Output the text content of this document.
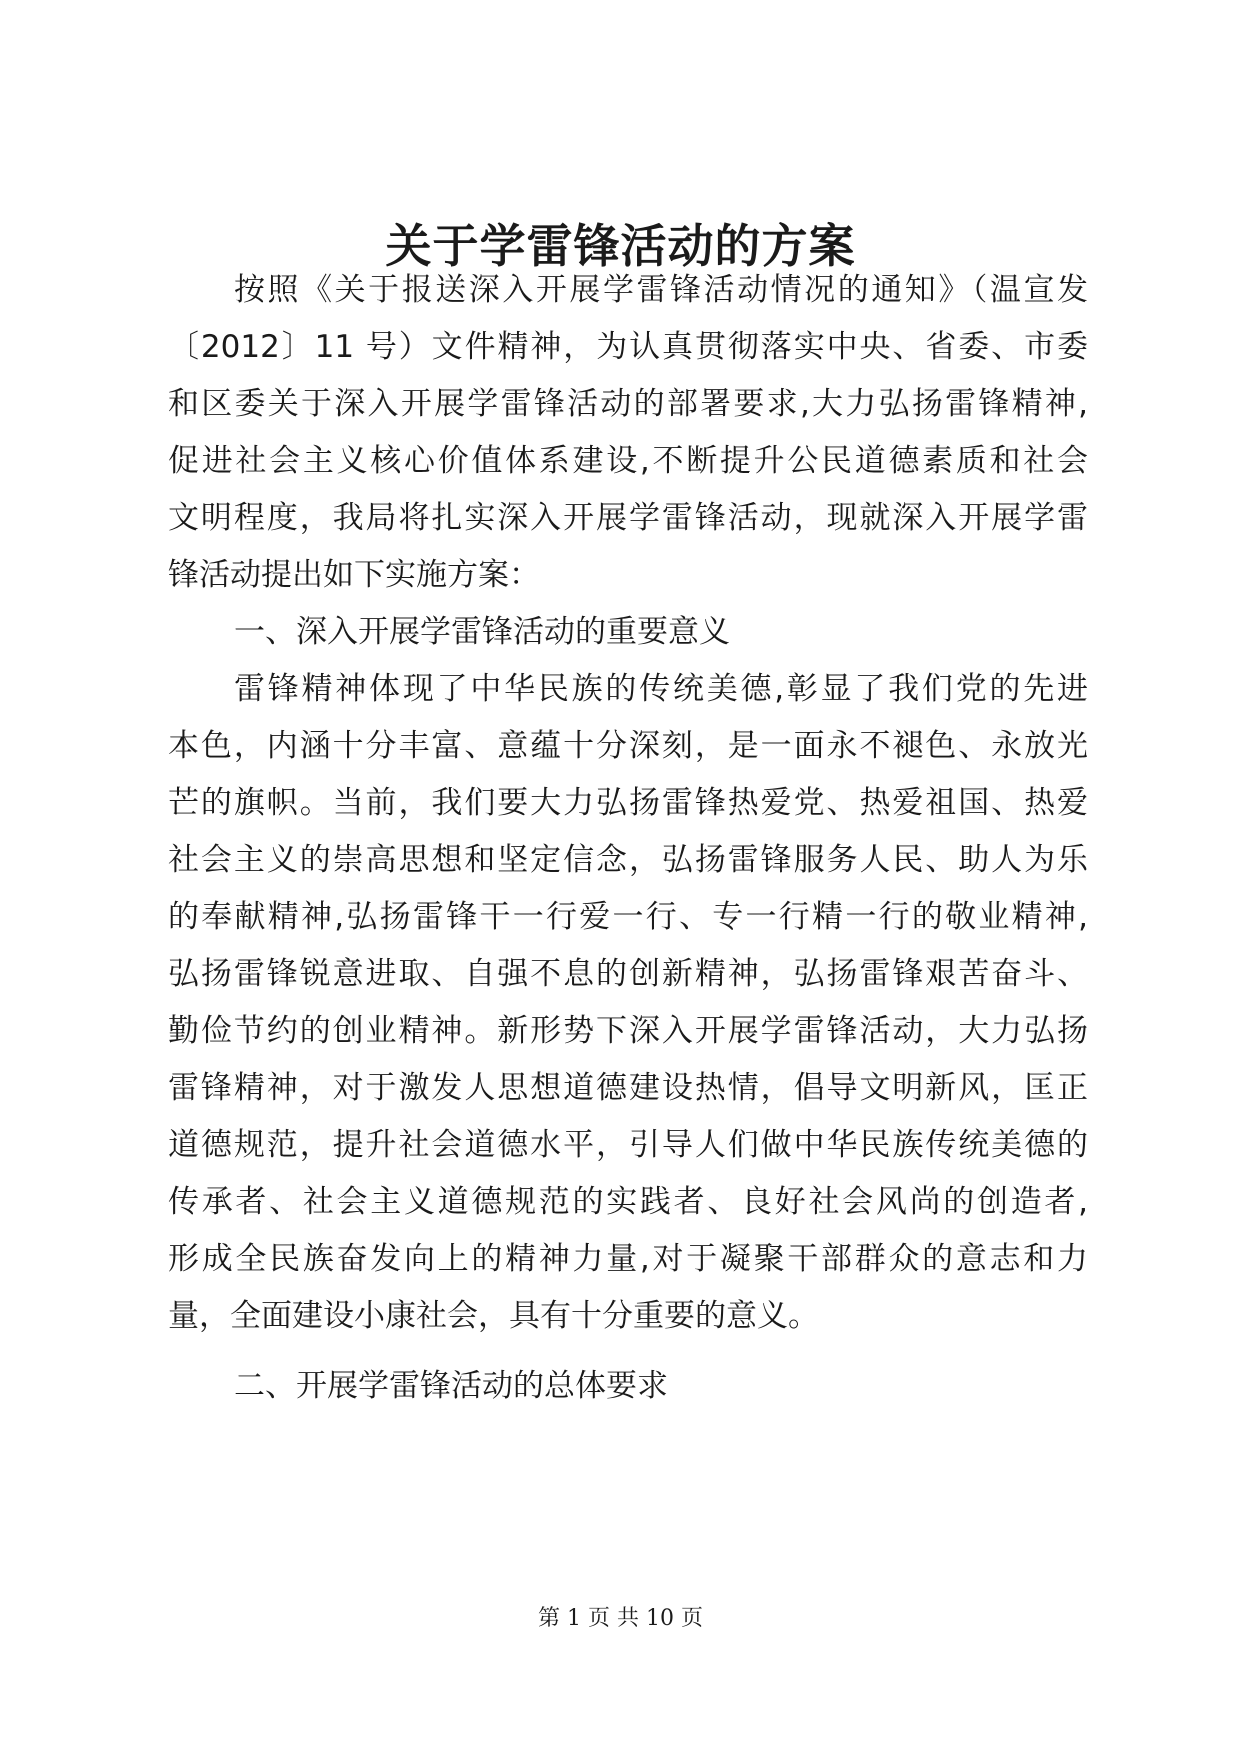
关于学雷锋活动的方案
按照《关于报送深入开展学雷锋活动情况的通知》（温宣发
〔2012〕11 号）文件精神，为认真贯彻落实中央、省委、市委
和区委关于深入开展学雷锋活动的部署要求,大力弘扬雷锋精神,
促进社会主义核心价值体系建设,不断提升公民道德素质和社会
文明程度，我局将扎实深入开展学雷锋活动，现就深入开展学雷
锋活动提出如下实施方案：
一、深入开展学雷锋活动的重要意义
雷锋精神体现了中华民族的传统美德,彰显了我们党的先进
本色，内涵十分丰富、意蕴十分深刻，是一面永不褪色、永放光
芒的旗帜。当前，我们要大力弘扬雷锋热爱党、热爱祖国、热爱
社会主义的崇高思想和坚定信念，弘扬雷锋服务人民、助人为乐
的奉献精神,弘扬雷锋干一行爱一行、专一行精一行的敬业精神,
弘扬雷锋锐意进取、自强不息的创新精神，弘扬雷锋艰苦奋斗、
勤俭节约的创业精神。新形势下深入开展学雷锋活动，大力弘扬
雷锋精神，对于激发人思想道德建设热情，倡导文明新风，匡正
道德规范，提升社会道德水平，引导人们做中华民族传统美德的
传承者、社会主义道德规范的实践者、良好社会风尚的创造者,
形成全民族奋发向上的精神力量,对于凝聚干部群众的意志和力
量，全面建设小康社会，具有十分重要的意义。
二、开展学雷锋活动的总体要求
第 1 页 共 10 页
